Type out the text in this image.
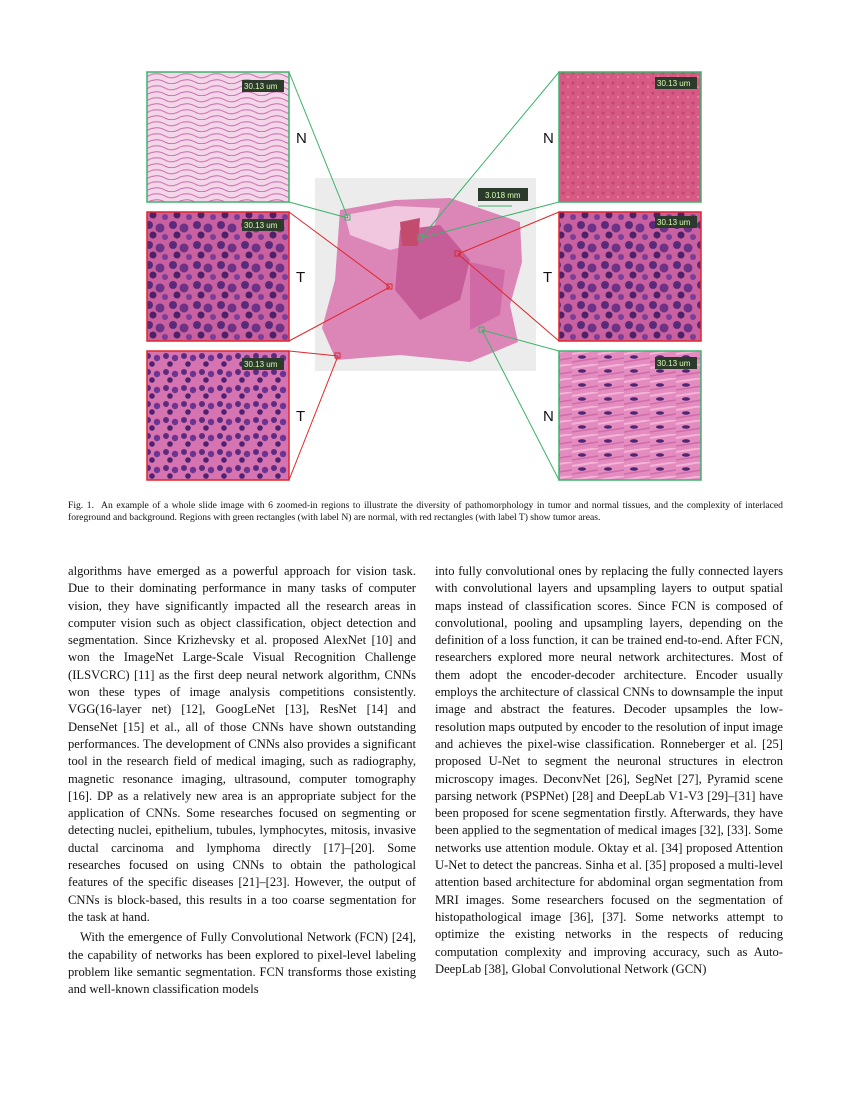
3.018 mm
30.13 um
N
30.13 um
T
30.13 um
T
30.13 um
N
30.13 um
T
30.13 um
N
Fig. 1. An example of a whole slide image with 6 zoomed-in regions to illustrate the diversity of pathomorphology in tumor and normal tissues, and the complexity of interlaced foreground and background. Regions with green rectangles (with label N) are normal, with red rectangles (with label T) show tumor areas.

algorithms have emerged as a powerful approach for vision task. Due to their dominating performance in many tasks of computer vision, they have significantly impacted all the research areas in computer vision such as object classification, object detection and segmentation. Since Krizhevsky et al. proposed AlexNet [10] and won the ImageNet Large-Scale Visual Recognition Challenge (ILSVCRC) [11] as the first deep neural network algorithm, CNNs won these types of image analysis competitions consistently. VGG(16-layer net) [12], GoogLeNet [13], ResNet [14] and DenseNet [15] et al., all of those CNNs have shown outstanding performances. The development of CNNs also provides a significant tool in the research field of medical imaging, such as radiography, magnetic resonance imaging, ultrasound, computer tomography [16]. DP as a relatively new area is an appropriate subject for the application of CNNs. Some researches focused on segmenting or detecting nuclei, epithelium, tubules, lymphocytes, mitosis, invasive ductal carcinoma and lymphoma directly [17]–[20]. Some researches focused on using CNNs to obtain the pathological features of the specific diseases [21]–[23]. However, the output of CNNs is block-based, this results in a too coarse segmentation for the task at hand.

With the emergence of Fully Convolutional Network (FCN) [24], the capability of networks has been explored to pixel-level labeling problem like semantic segmentation. FCN transforms those existing and well-known classification models

into fully convolutional ones by replacing the fully connected layers with convolutional layers and upsampling layers to output spatial maps instead of classification scores. Since FCN is composed of convolutional, pooling and upsampling layers, depending on the definition of a loss function, it can be trained end-to-end. After FCN, researchers explored more neural network architectures. Most of them adopt the encoder-decoder architecture. Encoder usually employs the architecture of classical CNNs to downsample the input image and abstract the features. Decoder upsamples the low-resolution maps outputed by encoder to the resolution of input image and achieves the pixel-wise classification. Ronneberger et al. [25] proposed U-Net to segment the neuronal structures in electron microscopy images. DeconvNet [26], SegNet [27], Pyramid scene parsing network (PSPNet) [28] and DeepLab V1-V3 [29]–[31] have been proposed for scene segmentation firstly. Afterwards, they have been applied to the segmentation of medical images [32], [33]. Some networks use attention module. Oktay et al. [34] proposed Attention U-Net to detect the pancreas. Sinha et al. [35] proposed a multi-level attention based architecture for abdominal organ segmentation from MRI images. Some researchers focused on the segmentation of histopathological image [36], [37]. Some networks attempt to optimize the existing networks in the respects of reducing computation complexity and improving accuracy, such as Auto-DeepLab [38], Global Convolutional Network (GCN)
